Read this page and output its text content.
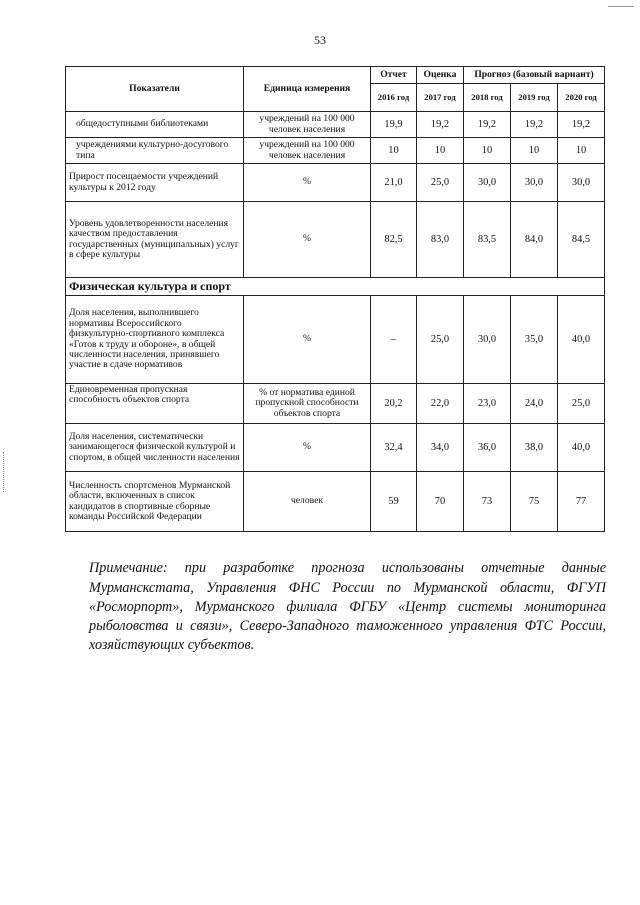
53
Показатели	Единица измерения	Отчет	Оценка	Прогноз (базовый вариант)		
		2016 год	2017 год	2018 год	2019 год	2020 год
общедоступными библиотеками	учреждений на 100 000 человек населения	19,9	19,2	19,2	19,2	19,2
учреждениями культурно-досугового типа	учреждений на 100 000 человек населения	10	10	10	10	10
Прирост посещаемости учреждений культуры к 2012 году	%	21,0	25,0	30,0	30,0	30,0
Уровень удовлетворенности населения качеством предоставления государственных (муниципальных) услуг в сфере культуры	%	82,5	83,0	83,5	84,0	84,5
Физическая культура и спорт						
Доля населения, выполнившего нормативы Всероссийского физкультурно-спортивного комплекса «Готов к труду и обороне», в общей численности населения, принявшего участие в сдаче нормативов	%	–	25,0	30,0	35,0	40,0
Единовременная пропускная способность объектов спорта	% от норматива единой пропускной способности объектов спорта	20,2	22,0	23,0	24,0	25,0
Доля населения, систематически занимающегося физической культурой и спортом, в общей численности населения	%	32,4	34,0	36,0	38,0	40,0
Численность спортсменов Мурманской области, включенных в список кандидатов в спортивные сборные команды Российской Федерации	человек	59	70	73	75	77

Примечание: при разработке прогноза использованы отчетные данные Мурманскстата, Управления ФНС России по Мурманской области, ФГУП «Росморпорт», Мурманского филиала ФГБУ «Центр системы мониторинга рыболовства и связи», Северо-Западного таможенного управления ФТС России, хозяйствующих субъектов.
